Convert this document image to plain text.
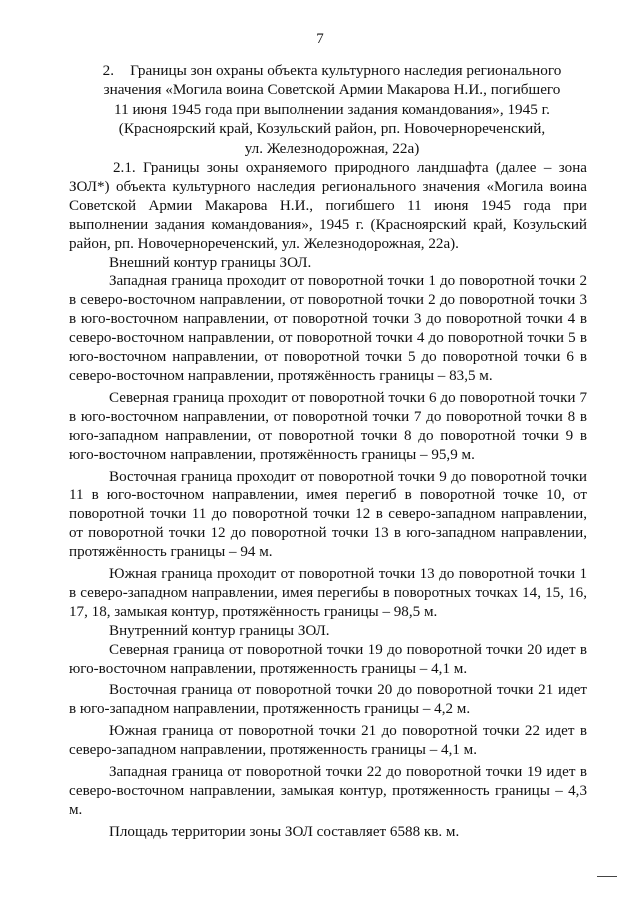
7
2. Границы зон охраны объекта культурного наследия регионального
значения «Могила воина Советской Армии Макарова Н.И., погибшего
11 июня 1945 года при выполнении задания командования», 1945 г.
(Красноярский край, Козульский район, рп. Новочернореченский,
ул. Железнодорожная, 22а)

2.1. Границы зоны охраняемого природного ландшафта (далее – зона ЗОЛ*) объекта культурного наследия регионального значения «Могила воина Советской Армии Макарова Н.И., погибшего 11 июня 1945 года при выполнении задания командования», 1945 г. (Красноярский край, Козульский район, рп. Новочернореченский, ул. Железнодорожная, 22а).

Внешний контур границы ЗОЛ.

Западная граница проходит от поворотной точки 1 до поворотной точки 2 в северо-восточном направлении, от поворотной точки 2 до поворотной точки 3 в юго-восточном направлении, от поворотной точки 3 до поворотной точки 4 в северо-восточном направлении, от поворотной точки 4 до поворотной точки 5 в юго-восточном направлении, от поворотной точки 5 до поворотной точки 6 в северо-восточном направлении, протяжённость границы – 83,5 м.

Северная граница проходит от поворотной точки 6 до поворотной точки 7 в юго-восточном направлении, от поворотной точки 7 до поворотной точки 8 в юго-западном направлении, от поворотной точки 8 до поворотной точки 9 в юго-восточном направлении, протяжённость границы – 95,9 м.

Восточная граница проходит от поворотной точки 9 до поворотной точки 11 в юго-восточном направлении, имея перегиб в поворотной точке 10, от поворотной точки 11 до поворотной точки 12 в северо-западном направлении, от поворотной точки 12 до поворотной точки 13 в юго-западном направлении, протяжённость границы – 94 м.

Южная граница проходит от поворотной точки 13 до поворотной точки 1 в северо-западном направлении, имея перегибы в поворотных точках 14, 15, 16, 17, 18, замыкая контур, протяжённость границы – 98,5 м.

Внутренний контур границы ЗОЛ.

Северная граница от поворотной точки 19 до поворотной точки 20 идет в юго-восточном направлении, протяженность границы – 4,1 м.

Восточная граница от поворотной точки 20 до поворотной точки 21 идет в юго-западном направлении, протяженность границы – 4,2 м.

Южная граница от поворотной точки 21 до поворотной точки 22 идет в северо-западном направлении, протяженность границы – 4,1 м.

Западная граница от поворотной точки 22 до поворотной точки 19 идет в северо-восточном направлении, замыкая контур, протяженность границы – 4,3 м.

Площадь территории зоны ЗОЛ составляет 6588 кв. м.
